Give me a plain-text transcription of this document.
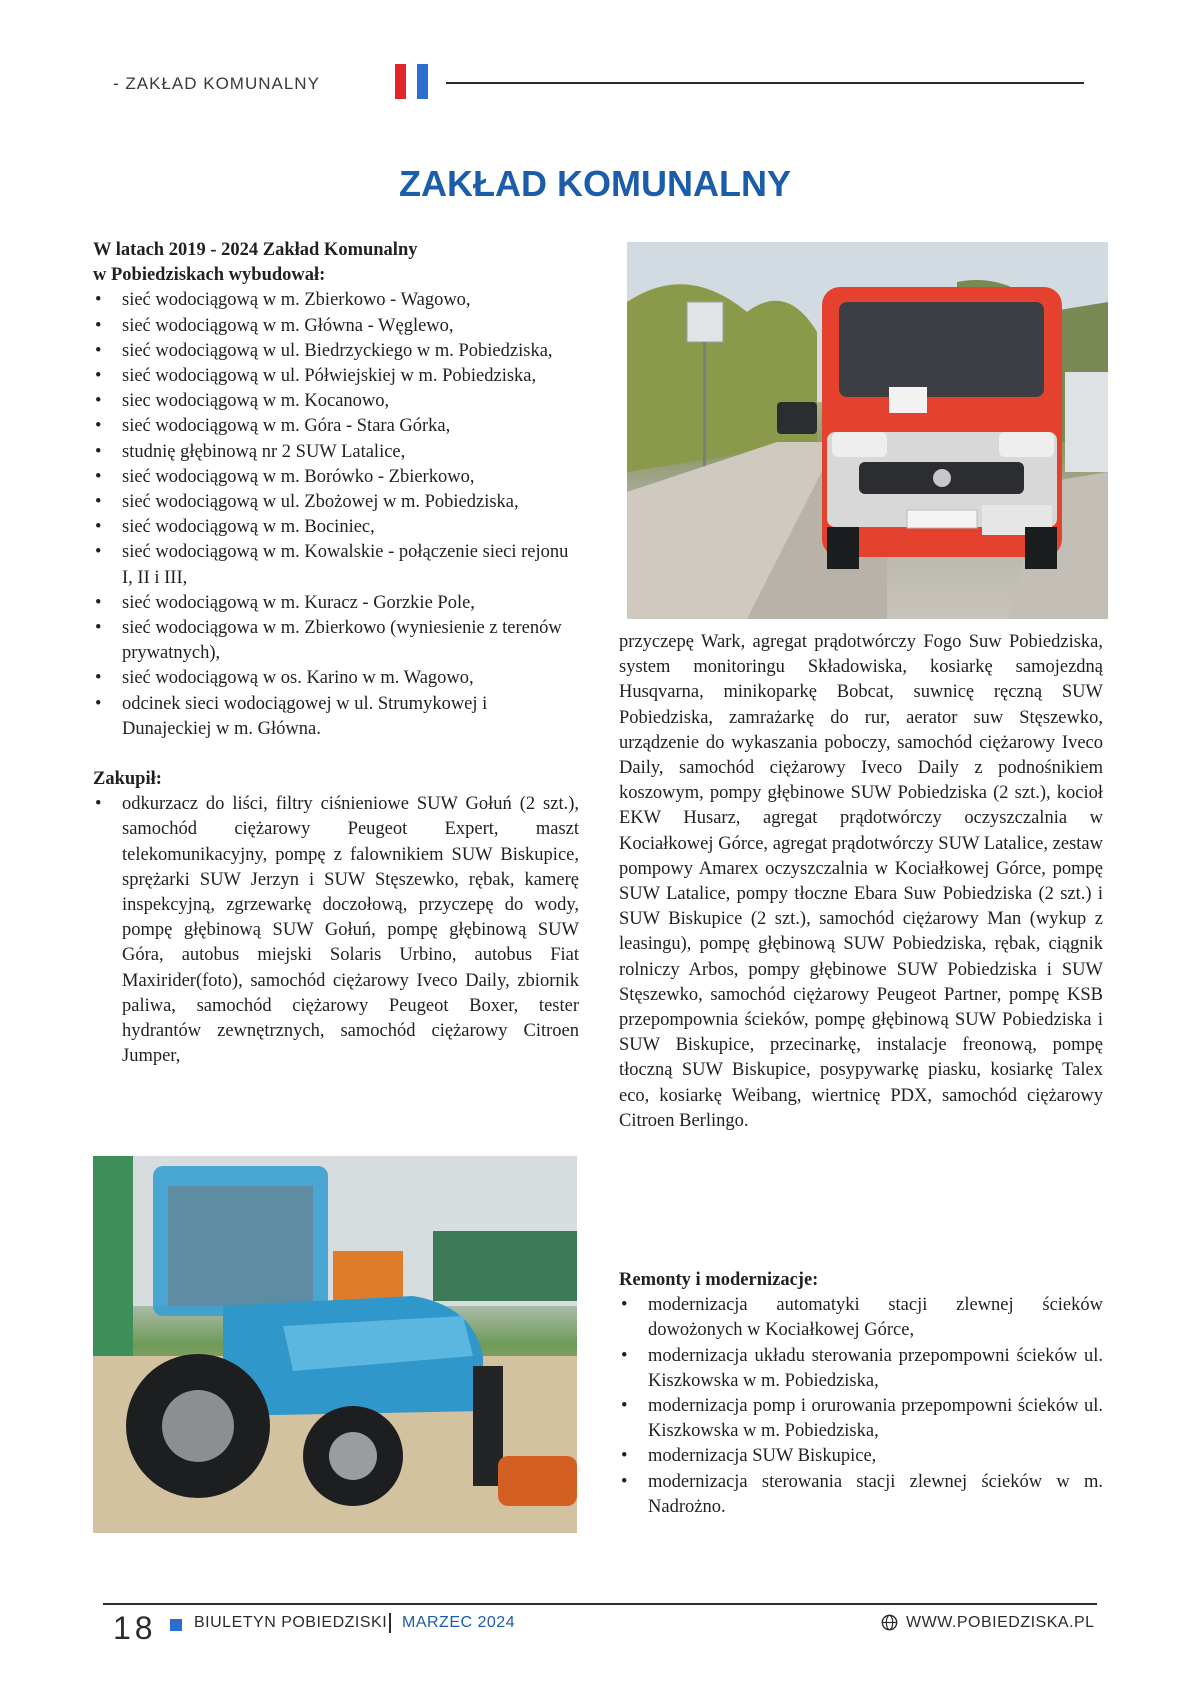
- ZAKŁAD KOMUNALNY
ZAKŁAD KOMUNALNY
W latach 2019 - 2024 Zakład Komunalny
w Pobiedziskach wybudował:
• sieć wodociągową w m. Zbierkowo - Wagowo,
• sieć wodociągową w m. Główna - Węglewo,
• sieć wodociągową w ul. Biedrzyckiego w m. Pobiedziska,
• sieć wodociągową w ul. Półwiejskiej w m. Pobiedziska,
• siec wodociągową w m. Kocanowo,
• sieć wodociągową w m. Góra - Stara Górka,
• studnię głębinową nr 2 SUW Latalice,
• sieć wodociągową w m. Borówko - Zbierkowo,
• sieć wodociągową w ul. Zbożowej w m. Pobiedziska,
• sieć wodociągową w m. Bociniec,
• sieć wodociągową w m. Kowalskie - połączenie sieci rejonu I, II i III,
• sieć wodociągową w m. Kuracz - Gorzkie Pole,
• sieć wodociągowa w m. Zbierkowo (wyniesienie z terenów prywatnych),
• sieć wodociągową w os. Karino w m. Wagowo,
• odcinek sieci wodociągowej w ul. Strumykowej i Dunajeckiej w m. Główna.
Zakupił:
• odkurzacz do liści, filtry ciśnieniowe SUW Gołuń (2 szt.), samochód ciężarowy Peugeot Expert, maszt telekomunikacyjny, pompę z falownikiem SUW Biskupice, sprężarki SUW Jerzyn i SUW Stęszewko, rębak, kamerę inspekcyjną, zgrzewarkę doczołową, przyczepę do wody, pompę głębinową SUW Gołuń, pompę głębinową SUW Góra, autobus miejski Solaris Urbino, autobus Fiat Maxirider(foto), samochód ciężarowy Iveco Daily, zbiornik paliwa, samochód ciężarowy Peugeot Boxer, tester hydrantów zewnętrznych, samochód ciężarowy Citroen Jumper,
przyczepę Wark, agregat prądotwórczy Fogo Suw Pobiedziska, system monitoringu Składowiska, kosiarkę samojezdną Husqvarna, minikoparkę Bobcat, suwnicę ręczną SUW Pobiedziska, zamrażarkę do rur, aerator suw Stęszewko, urządzenie do wykaszania poboczy, samochód ciężarowy Iveco Daily, samochód ciężarowy Iveco Daily z podnośnikiem koszowym, pompy głębinowe SUW Pobiedziska (2 szt.), kocioł EKW Husarz, agregat prądotwórczy oczyszczalnia w Kociałkowej Górce, agregat prądotwórczy SUW Latalice, zestaw pompowy Amarex oczyszczalnia w Kociałkowej Górce, pompę SUW Latalice, pompy tłoczne Ebara Suw Pobiedziska (2 szt.) i SUW Biskupice (2 szt.), samochód ciężarowy Man (wykup z leasingu), pompę głębinową SUW Pobiedziska, rębak, ciągnik rolniczy Arbos, pompy głębinowe SUW Pobiedziska i SUW Stęszewko, samochód ciężarowy Peugeot Partner, pompę KSB przepompownia ścieków, pompę głębinową SUW Pobiedziska i SUW Biskupice, przecinarkę, instalacje freonową, pompę tłoczną SUW Biskupice, posypywarkę piasku, kosiarkę Talex eco, kosiarkę Weibang, wiertnicę PDX, samochód ciężarowy Citroen Berlingo.
Remonty i modernizacje:
• modernizacja automatyki stacji zlewnej ścieków dowożonych w Kociałkowej Górce,
• modernizacja układu sterowania przepompowni ścieków ul. Kiszkowska w m. Pobiedziska,
• modernizacja pomp i orurowania przepompowni ścieków ul. Kiszkowska w m. Pobiedziska,
• modernizacja SUW Biskupice,
• modernizacja sterowania stacji zlewnej ścieków w m. Nadrożno.
18 BIULETYN POBIEDZISKI MARZEC 2024	WWW.POBIEDZISKA.PL
